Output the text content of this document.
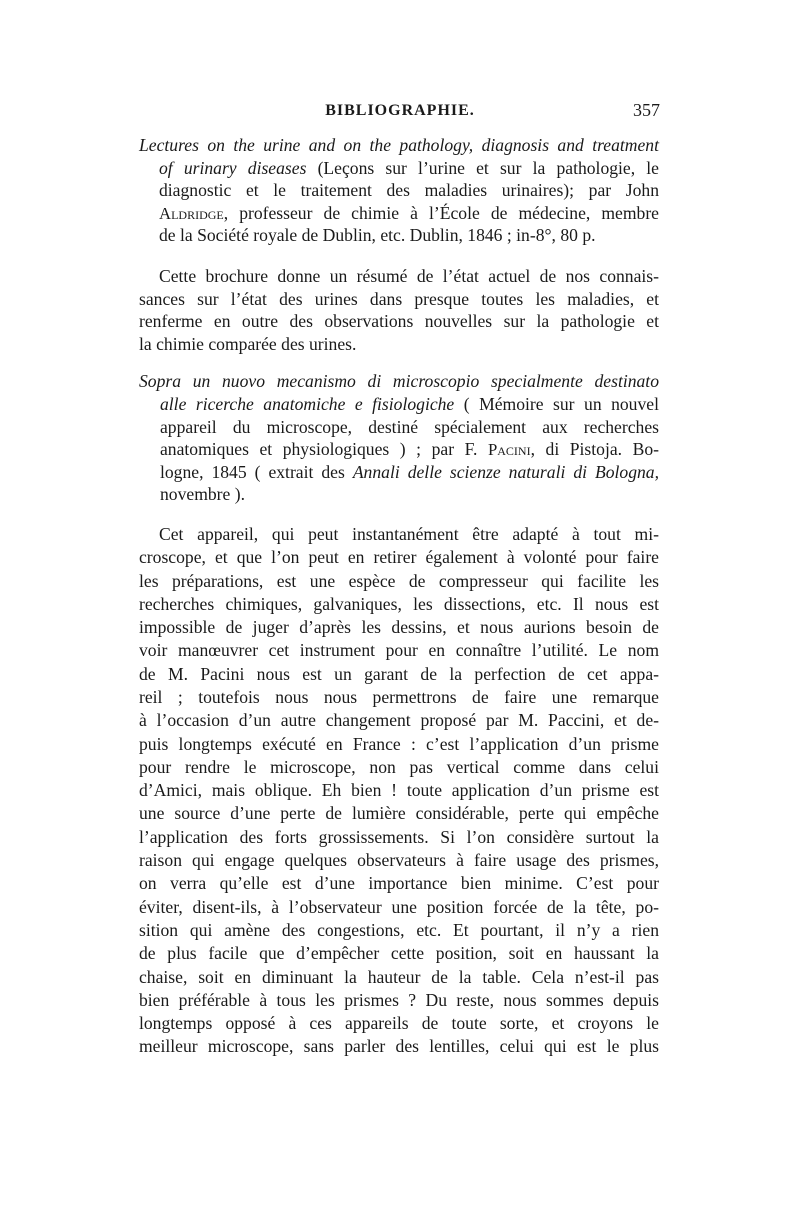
BIBLIOGRAPHIE.	357
Lectures on the urine and on the pathology, diagnosis and treatment
of urinary diseases (Leçons sur l’urine et sur la pathologie, le
diagnostic et le traitement des maladies urinaires); par John
Aldridge, professeur de chimie à l’École de médecine, membre
de la Société royale de Dublin, etc. Dublin, 1846 ; in-8°, 80 p.
Cette brochure donne un résumé de l’état actuel de nos connais-
sances sur l’état des urines dans presque toutes les maladies, et
renferme en outre des observations nouvelles sur la pathologie et
la chimie comparée des urines.
Sopra un nuovo mecanismo di microscopio specialmente destinato
alle ricerche anatomiche e fisiologiche ( Mémoire sur un nouvel
appareil du microscope, destiné spécialement aux recherches
anatomiques et physiologiques ) ; par F. Pacini, di Pistoja. Bo-
logne, 1845 ( extrait des Annali delle scienze naturali di Bologna,
novembre ).
Cet appareil, qui peut instantanément être adapté à tout mi-
croscope, et que l’on peut en retirer également à volonté pour faire
les préparations, est une espèce de compresseur qui facilite les
recherches chimiques, galvaniques, les dissections, etc. Il nous est
impossible de juger d’après les dessins, et nous aurions besoin de
voir manœuvrer cet instrument pour en connaître l’utilité. Le nom
de M. Pacini nous est un garant de la perfection de cet appa-
reil ; toutefois nous nous permettrons de faire une remarque
à l’occasion d’un autre changement proposé par M. Paccini, et de-
puis longtemps exécuté en France : c’est l’application d’un prisme
pour rendre le microscope, non pas vertical comme dans celui
d’Amici, mais oblique. Eh bien ! toute application d’un prisme est
une source d’une perte de lumière considérable, perte qui empêche
l’application des forts grossissements. Si l’on considère surtout la
raison qui engage quelques observateurs à faire usage des prismes,
on verra qu’elle est d’une importance bien minime. C’est pour
éviter, disent-ils, à l’observateur une position forcée de la tête, po-
sition qui amène des congestions, etc. Et pourtant, il n’y a rien
de plus facile que d’empêcher cette position, soit en haussant la
chaise, soit en diminuant la hauteur de la table. Cela n’est-il pas
bien préférable à tous les prismes ? Du reste, nous sommes depuis
longtemps opposé à ces appareils de toute sorte, et croyons le
meilleur microscope, sans parler des lentilles, celui qui est le plus
